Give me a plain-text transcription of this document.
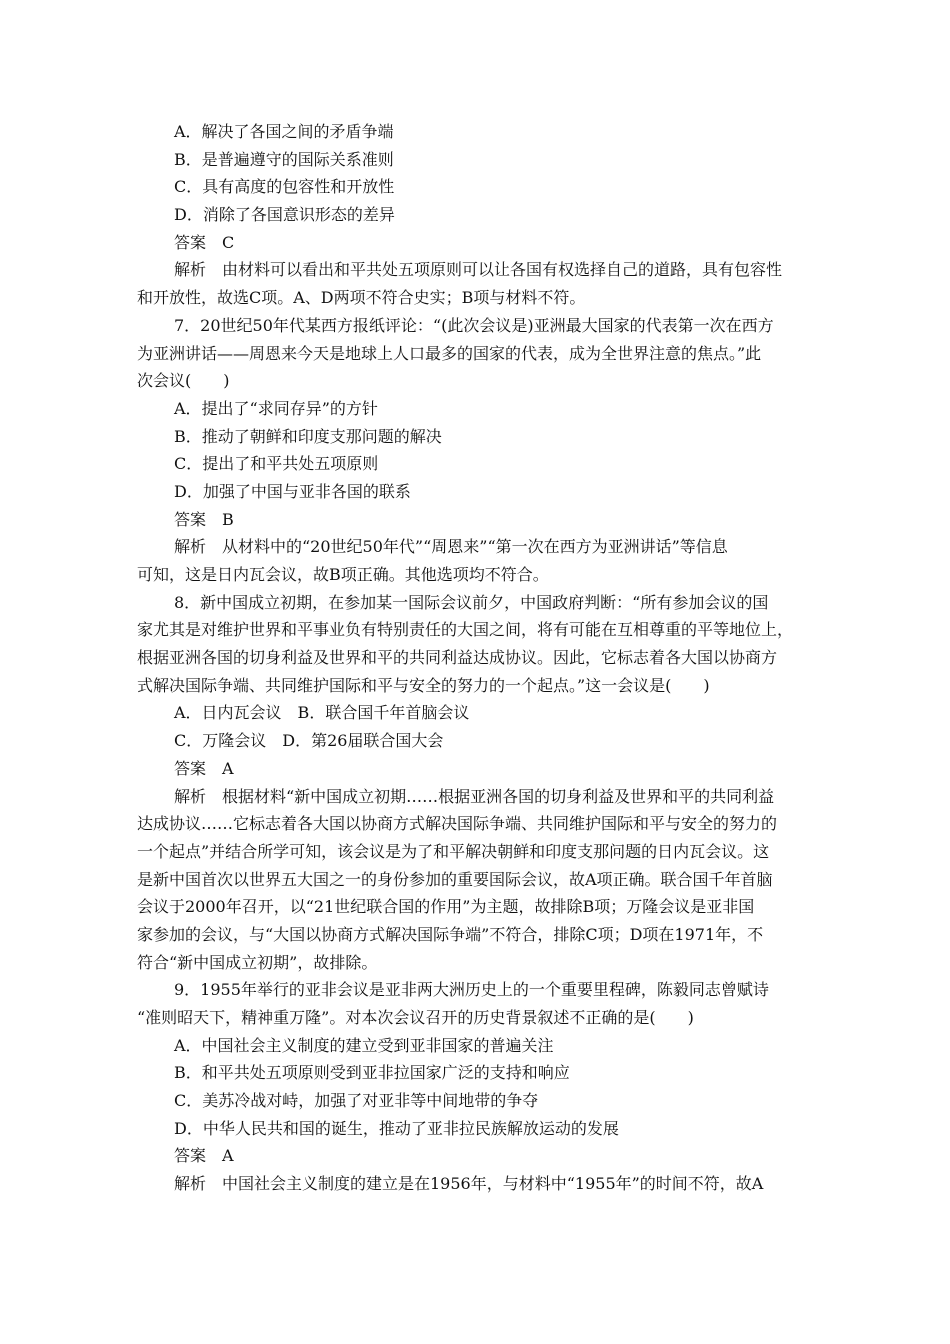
A．解决了各国之间的矛盾争端
B．是普遍遵守的国际关系准则
C．具有高度的包容性和开放性
D．消除了各国意识形态的差异
答案　C
解析　由材料可以看出和平共处五项原则可以让各国有权选择自己的道路，具有包容性
和开放性，故选C项。A、D两项不符合史实；B项与材料不符。
7．20世纪50年代某西方报纸评论：“(此次会议是)亚洲最大国家的代表第一次在西方
为亚洲讲话——周恩来今天是地球上人口最多的国家的代表，成为全世界注意的焦点。”此
次会议(　　)
A．提出了“求同存异”的方针
B．推动了朝鲜和印度支那问题的解决
C．提出了和平共处五项原则
D．加强了中国与亚非各国的联系
答案　B
解析　从材料中的“20世纪50年代”“周恩来”“第一次在西方为亚洲讲话”等信息
可知，这是日内瓦会议，故B项正确。其他选项均不符合。
8．新中国成立初期，在参加某一国际会议前夕，中国政府判断：“所有参加会议的国
家尤其是对维护世界和平事业负有特别责任的大国之间，将有可能在互相尊重的平等地位上，
根据亚洲各国的切身利益及世界和平的共同利益达成协议。因此，它标志着各大国以协商方
式解决国际争端、共同维护国际和平与安全的努力的一个起点。”这一会议是(　　)
A．日内瓦会议　B．联合国千年首脑会议
C．万隆会议　D．第26届联合国大会
答案　A
解析　根据材料“新中国成立初期……根据亚洲各国的切身利益及世界和平的共同利益
达成协议……它标志着各大国以协商方式解决国际争端、共同维护国际和平与安全的努力的
一个起点”并结合所学可知，该会议是为了和平解决朝鲜和印度支那问题的日内瓦会议。这
是新中国首次以世界五大国之一的身份参加的重要国际会议，故A项正确。联合国千年首脑
会议于2000年召开，以“21世纪联合国的作用”为主题，故排除B项；万隆会议是亚非国
家参加的会议，与“大国以协商方式解决国际争端”不符合，排除C项；D项在1971年，不
符合“新中国成立初期”，故排除。
9．1955年举行的亚非会议是亚非两大洲历史上的一个重要里程碑，陈毅同志曾赋诗
“准则昭天下，精神重万隆”。对本次会议召开的历史背景叙述不正确的是(　　)
A．中国社会主义制度的建立受到亚非国家的普遍关注
B．和平共处五项原则受到亚非拉国家广泛的支持和响应
C．美苏冷战对峙，加强了对亚非等中间地带的争夺
D．中华人民共和国的诞生，推动了亚非拉民族解放运动的发展
答案　A
解析　中国社会主义制度的建立是在1956年，与材料中“1955年”的时间不符，故A
